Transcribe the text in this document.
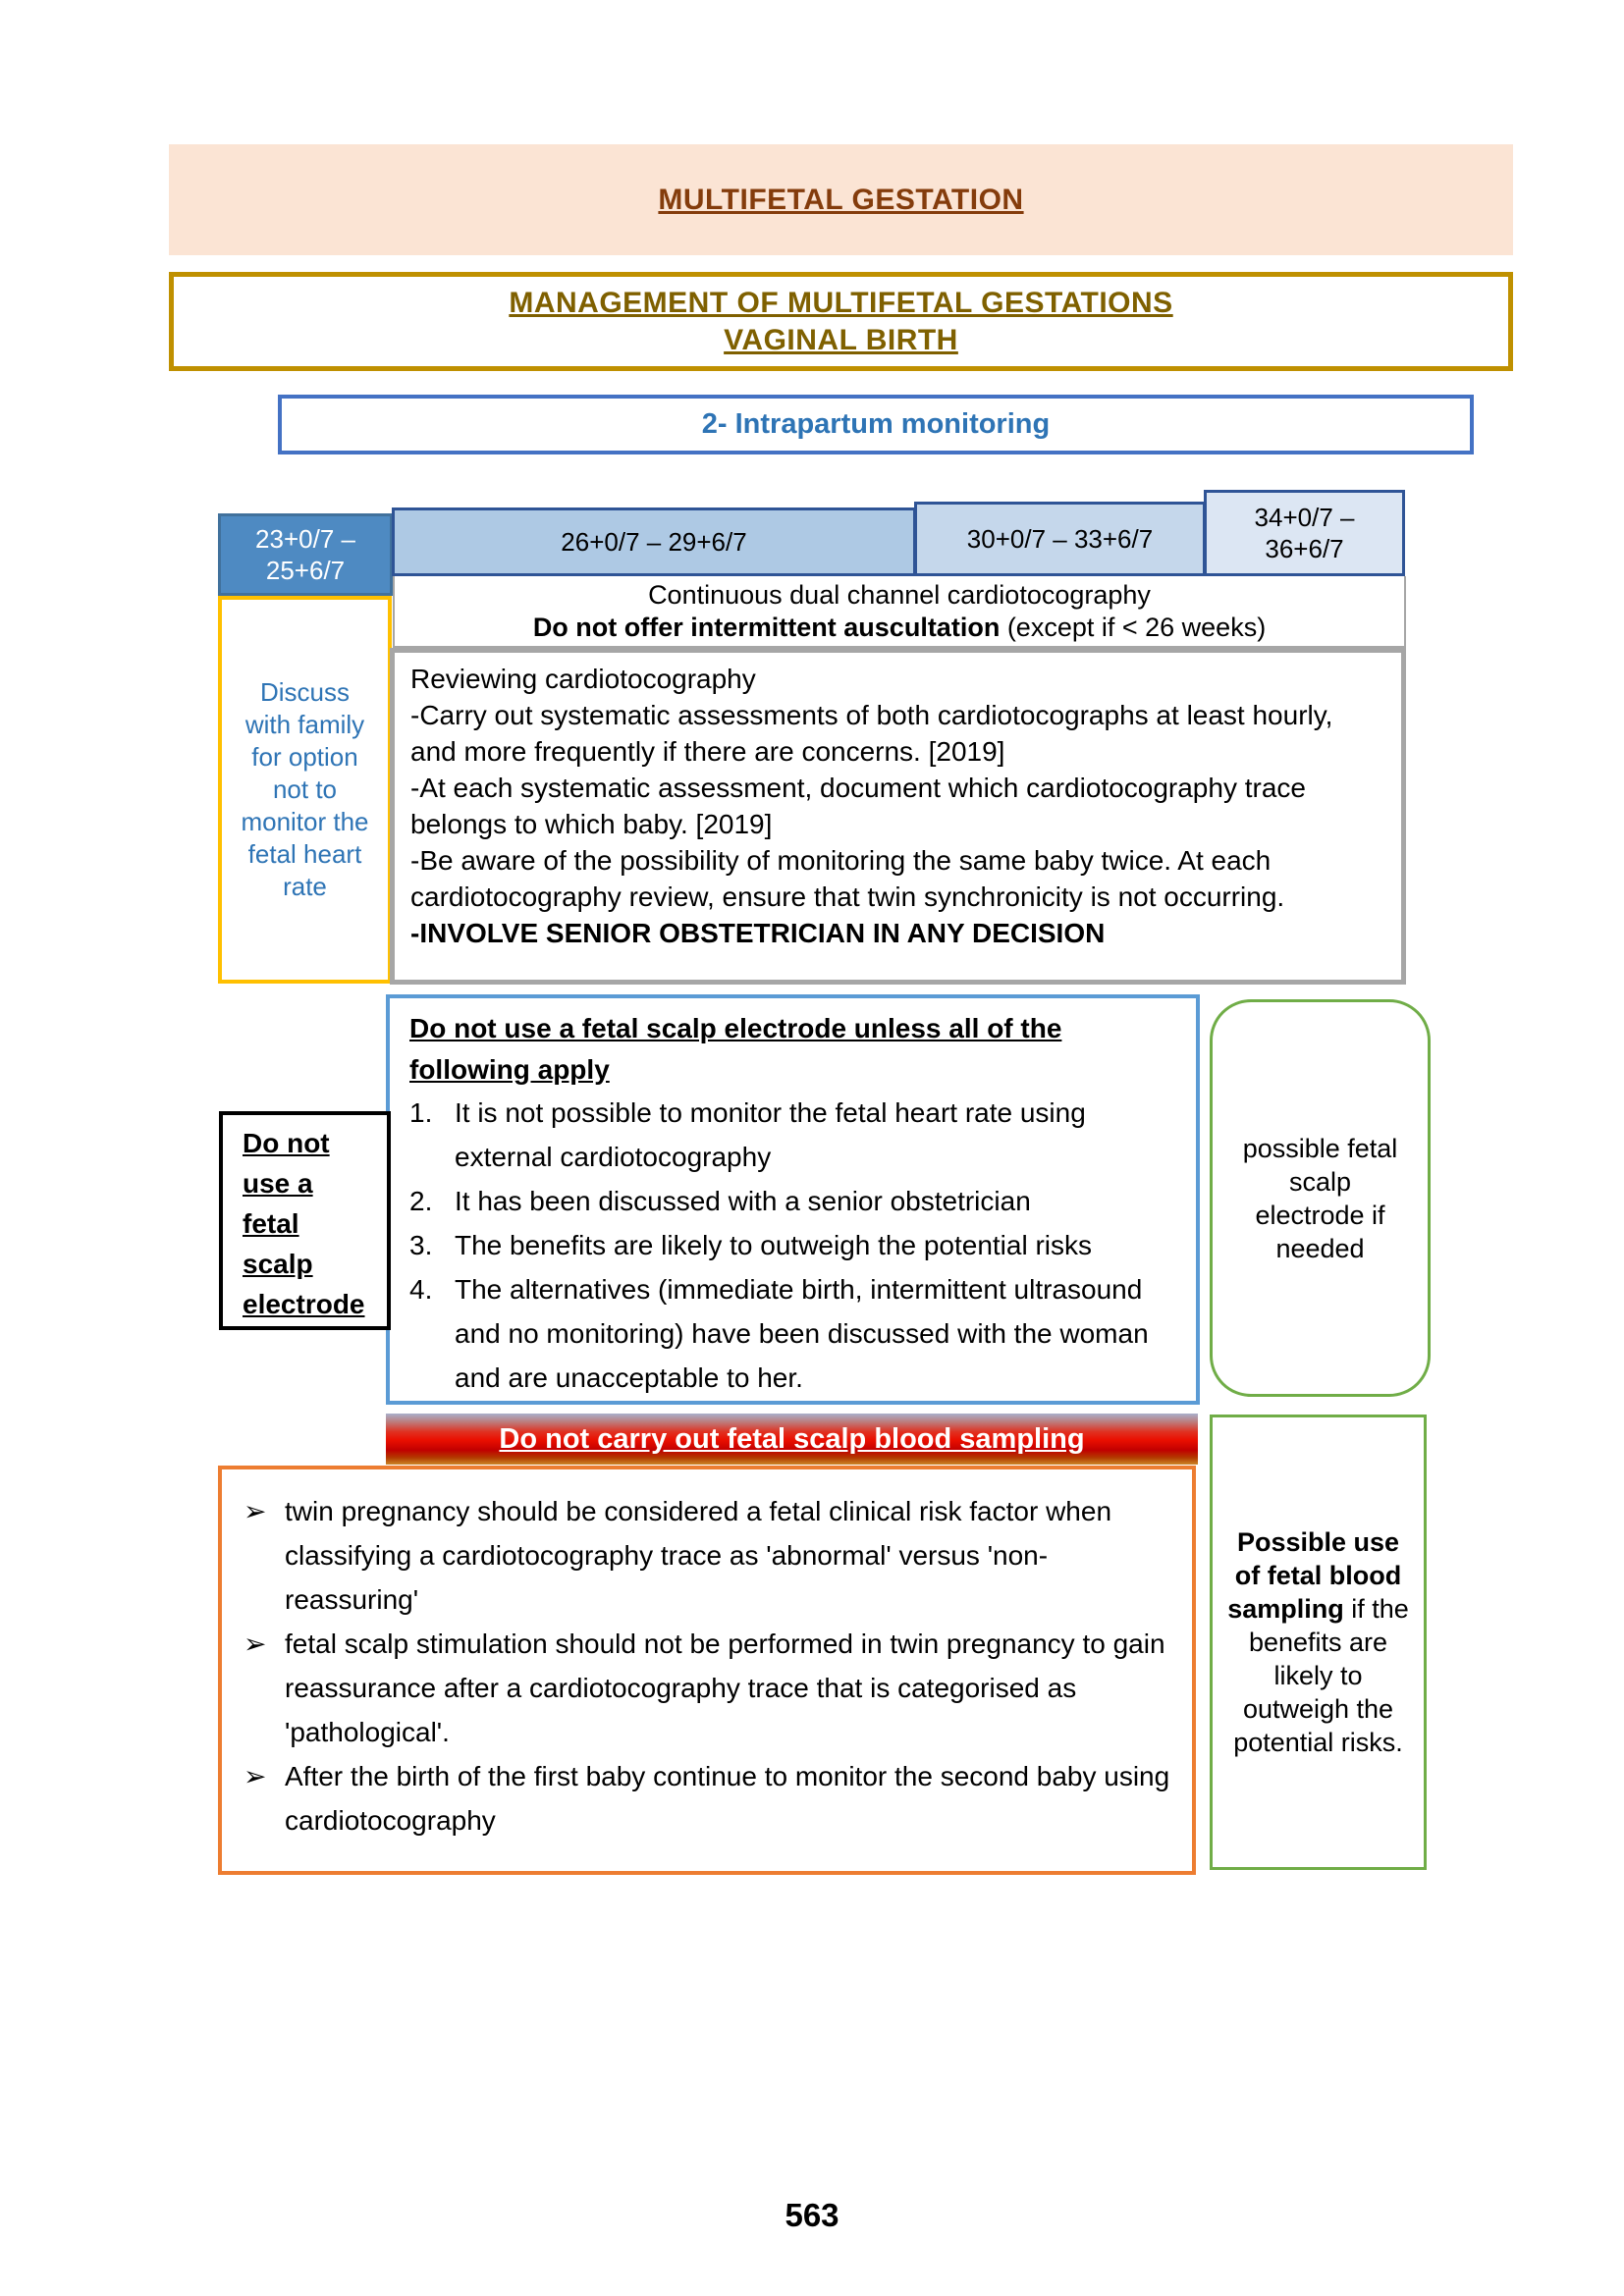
MULTIFETAL GESTATION
MANAGEMENT OF MULTIFETAL GESTATIONS
VAGINAL BIRTH
2- Intrapartum monitoring
23+0/7 – 25+6/7
26+0/7 – 29+6/7	30+0/7 – 33+6/7
34+0/7 – 36+6/7
Continuous dual channel cardiotocography
Do not offer intermittent auscultation (except if < 26 weeks)
Discuss with family for option not to monitor the fetal heart rate
Reviewing cardiotocography
-Carry out systematic assessments of both cardiotocographs at least hourly, and more frequently if there are concerns. [2019]
-At each systematic assessment, document which cardiotocography trace belongs to which baby. [2019]
-Be aware of the possibility of monitoring the same baby twice. At each cardiotocography review, ensure that twin synchronicity is not occurring.
-INVOLVE SENIOR OBSTETRICIAN IN ANY DECISION
Do not use a fetal scalp electrode unless all of the following apply
1. It is not possible to monitor the fetal heart rate using external cardiotocography
2. It has been discussed with a senior obstetrician
3. The benefits are likely to outweigh the potential risks
4. The alternatives (immediate birth, intermittent ultrasound and no monitoring) have been discussed with the woman and are unacceptable to her.
Do not
use a
fetal
scalp
electrode
possible fetal scalp electrode if needed
Do not carry out fetal scalp blood sampling
➢ twin pregnancy should be considered a fetal clinical risk factor when classifying a cardiotocography trace as 'abnormal' versus 'non-reassuring'
➢ fetal scalp stimulation should not be performed in twin pregnancy to gain reassurance after a cardiotocography trace that is categorised as 'pathological'.
➢ After the birth of the first baby continue to monitor the second baby using cardiotocography
Possible use of fetal blood sampling if the benefits are likely to outweigh the potential risks.
563
